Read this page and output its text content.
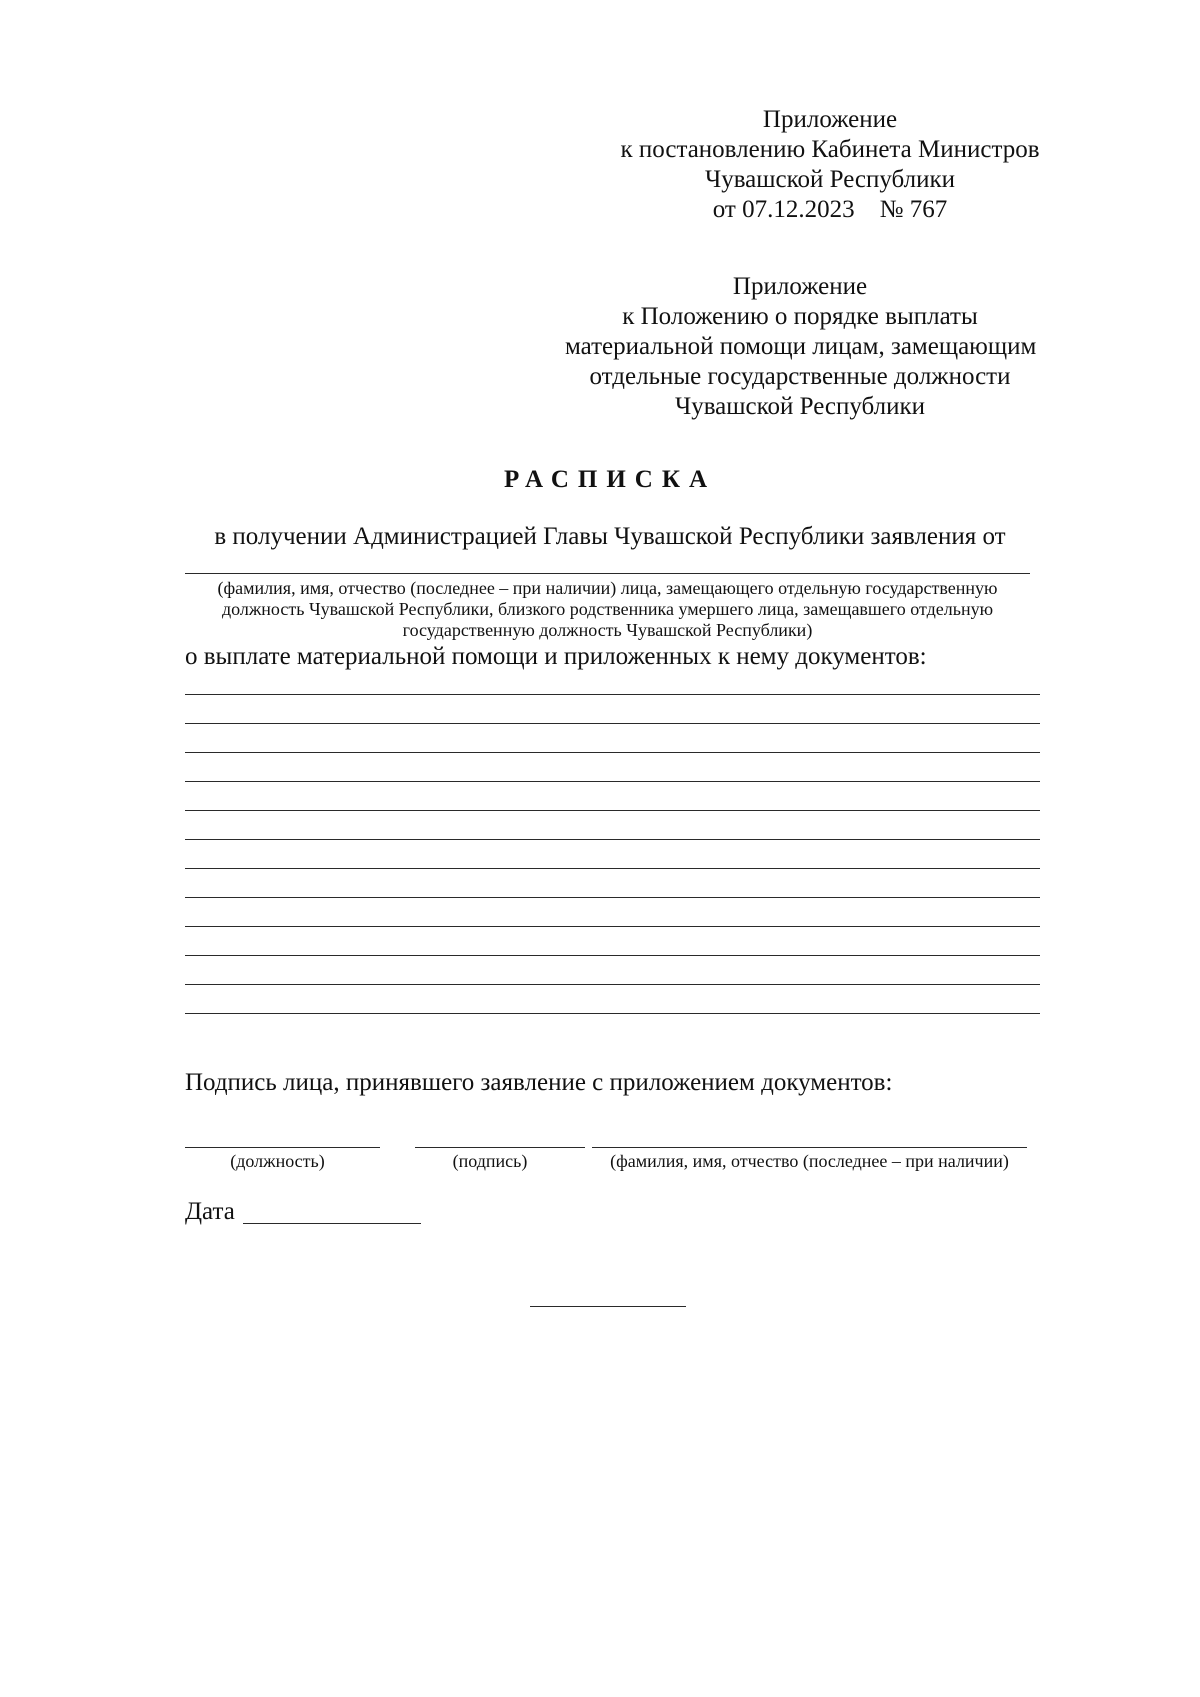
Приложение
к постановлению Кабинета Министров
Чувашской Республики
от 07.12.2023    № 767
Приложение
к Положению о порядке выплаты
материальной помощи лицам, замещающим
отдельные государственные должности
Чувашской Республики
РАСПИСКА
в получении Администрацией Главы Чувашской Республики заявления от
(фамилия, имя, отчество (последнее – при наличии) лица, замещающего отдельную государственную
должность Чувашской Республики, близкого родственника умершего лица, замещавшего отдельную
государственную должность Чувашской Республики)
о выплате материальной помощи и приложенных к нему документов:
Подпись лица, принявшего заявление с приложением документов:
(должность)	(подпись)	(фамилия, имя, отчество (последнее – при наличии)
Дата
